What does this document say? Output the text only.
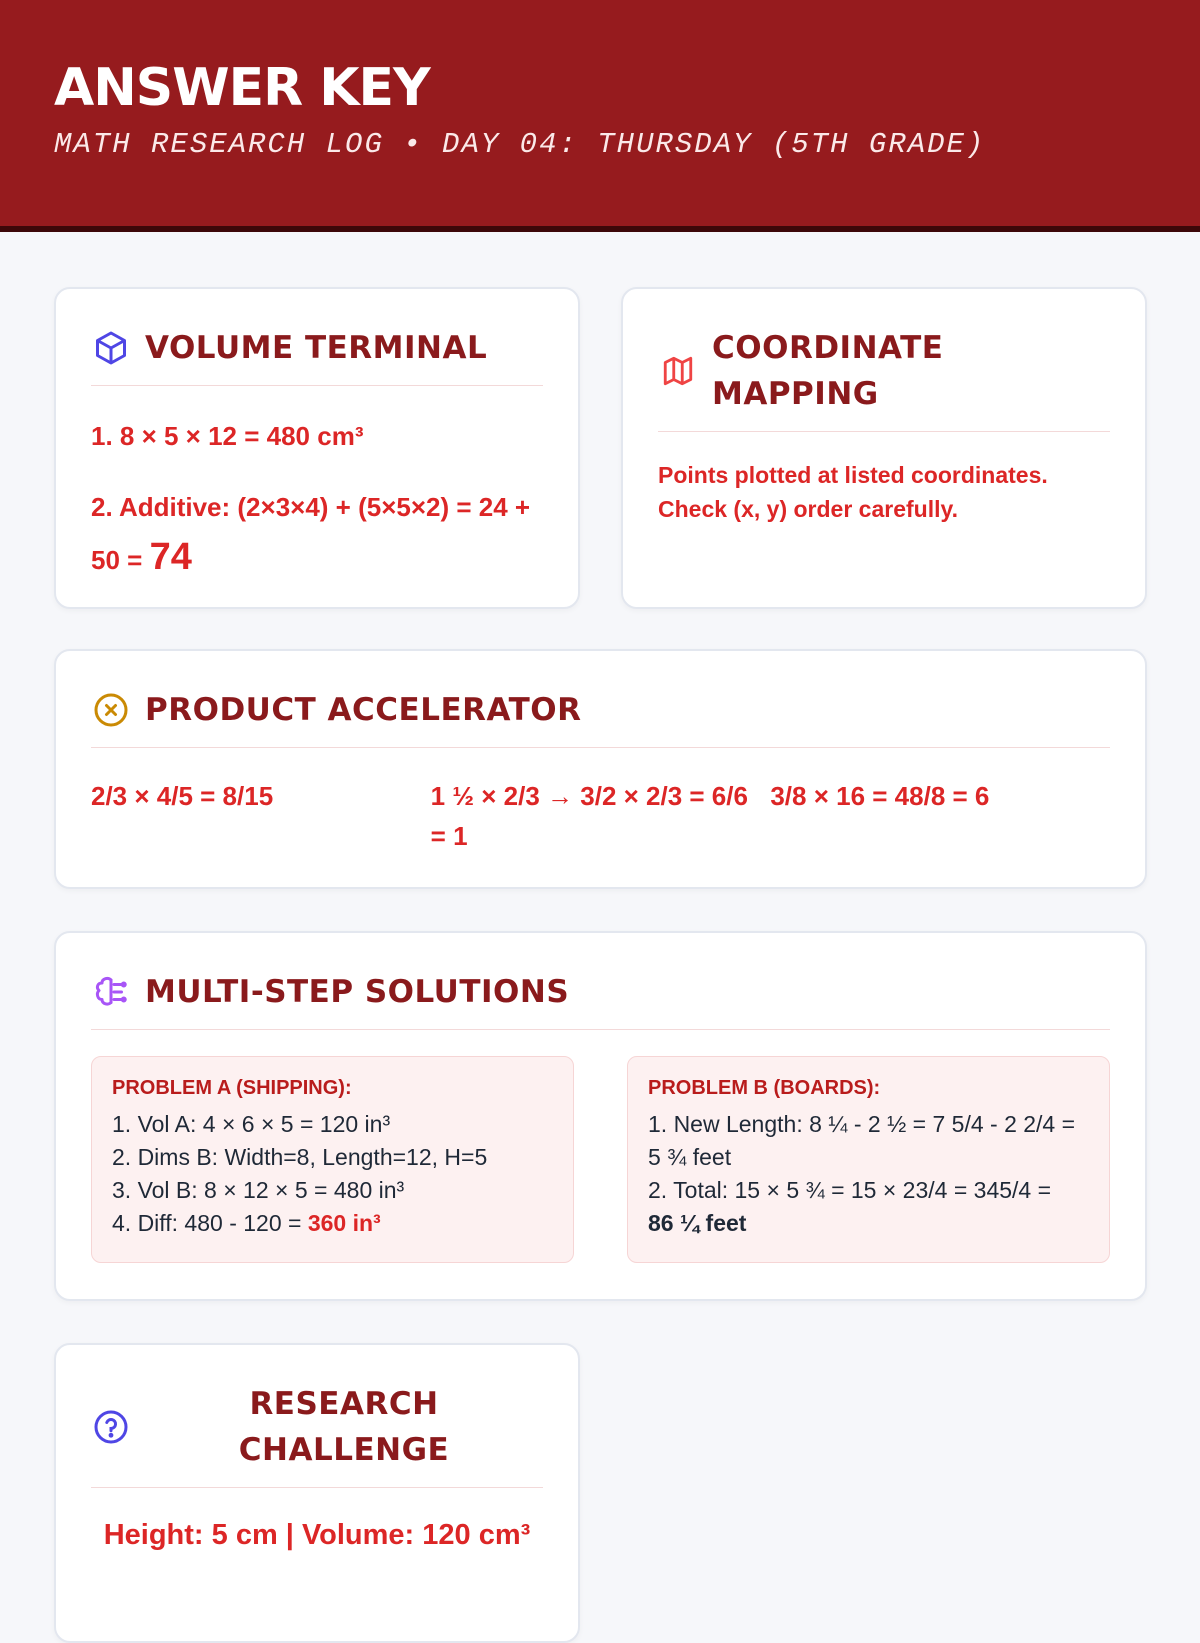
ANSWER KEY
MATH RESEARCH LOG • DAY 04: THURSDAY (5TH GRADE)
VOLUME TERMINAL
1. 8 × 5 × 12 = 480 cm³
2. Additive: (2×3×4) + (5×5×2) = 24 + 50 = 74
COORDINATE MAPPING
Points plotted at listed coordinates. Check (x, y) order carefully.
PRODUCT ACCELERATOR
2/3 × 4/5 = 8/15	1 ½ × 2/3 → 3/2 × 2/3 = 6/6 = 1
3/8 × 16 = 48/8 = 6
MULTI-STEP SOLUTIONS
PROBLEM A (SHIPPING):
1. Vol A: 4 × 6 × 5 = 120 in³
2. Dims B: Width=8, Length=12, H=5
3. Vol B: 8 × 12 × 5 = 480 in³
4. Diff: 480 - 120 = 360 in³
PROBLEM B (BOARDS):
1. New Length: 8 ¼ - 2 ½ = 7 5/4 - 2 2/4 = 5 ¾ feet
2. Total: 15 × 5 ¾ = 15 × 23/4 = 345/4 =
86 ¼ feet
RESEARCH CHALLENGE
Height: 5 cm | Volume: 120 cm³
